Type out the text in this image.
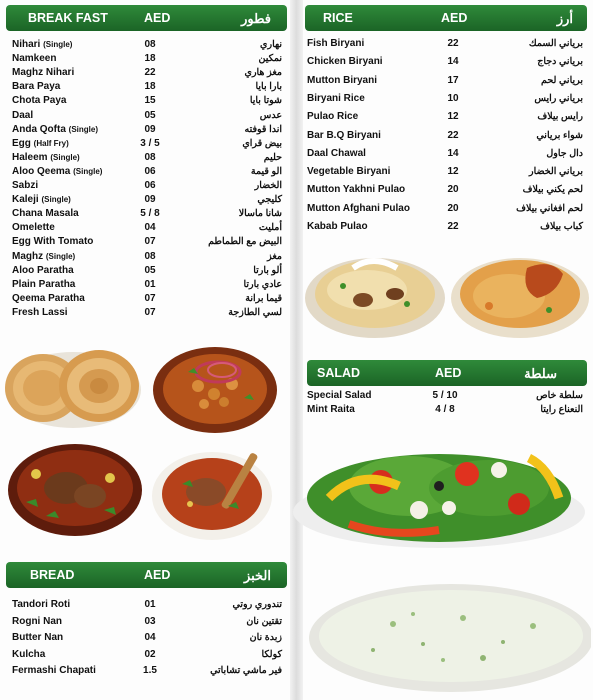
BREAK FAST	AED	فطور
Nihari (Single)	08	نهاري
Namkeen	18	نمكين
Maghz Nihari	22	مغز هاري
Bara Paya	18	بارا بايا
Chota Paya	15	شوتا بايا
Daal	05	عدس
Anda Qofta (Single)	09	اندا قوفته
Egg (Half Fry)	3 / 5	بيض قراي
Haleem (Single)	08	حليم
Aloo Qeema (Single)	06	الو قيمة
Sabzi	06	الخضار
Kaleji (Single)	09	كليجي
Chana Masala	5 / 8	شانا ماسالا
Omelette	04	أمليت
Egg With Tomato	07	البيض مع الطماطم
Maghz (Single)	08	مغز
Aloo Paratha	05	ألو بارتا
Plain Paratha	01	عادي بارتا
Qeema Paratha	07	قيما برانة
Fresh Lassi	07	لسي الطازجة
BREAD	AED	الخبز
Tandori Roti	01	تندوري روتي
Rogni Nan	03	تقتين نان
Butter Nan	04	زبدة نان
Kulcha	02	كولكا
Fermashi Chapati	1.5	فير ماشي تشاباتي
RICE	AED	أرز
Fish Biryani	22	برياني السمك
Chicken Biryani	14	برياني دجاج
Mutton Biryani	17	برياني لحم
Biryani Rice	10	برياني رايس
Pulao Rice	12	رايس بيلاف
Bar B.Q Biryani	22	شواء برياني
Daal Chawal	14	دال جاول
Vegetable Biryani	12	برياني الخضار
Mutton Yakhni Pulao	20	لحم يكني بيلاف
Mutton Afghani Pulao	20	لحم افغاني بيلاف
Kabab Pulao	22	كباب بيلاف
SALAD	AED	سلطة
Special Salad	5 / 10	سلطة خاص
Mint Raita	4 / 8	النعناع رايتا
